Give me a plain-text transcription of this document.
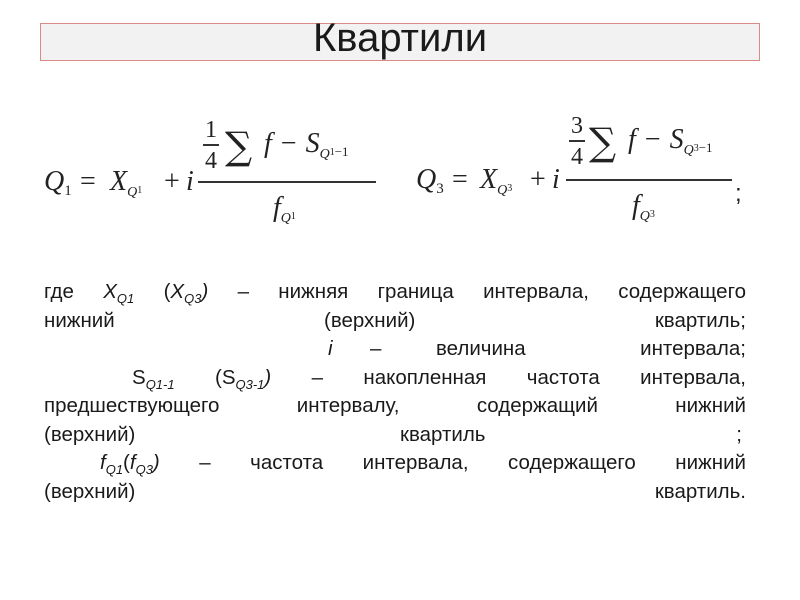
Квартили
$Q1 = X_Q1 + i$
1
4 ∑ $f - S_Q1-1$
$f_Q1$
$Q3 = X_Q3 + i$
3
4 ∑ $f - S_Q3-1$
$f_Q3$
;
где $X_{Q1}$ $(X_{Q3})$ – нижняя граница интервала, содержащего
нижний	(верхний)	квартиль;
i –	величина	интервала;
$S_{Q1-1}$ $(S_{Q3-1})$ – накопленная частота интервала,
предшествующего интервалу, содержащий нижний
(верхний)	квартиль	;
$f_{Q1}(f_{Q3})$ – частота интервала, содержащего нижний
(верхний)	квартиль.
